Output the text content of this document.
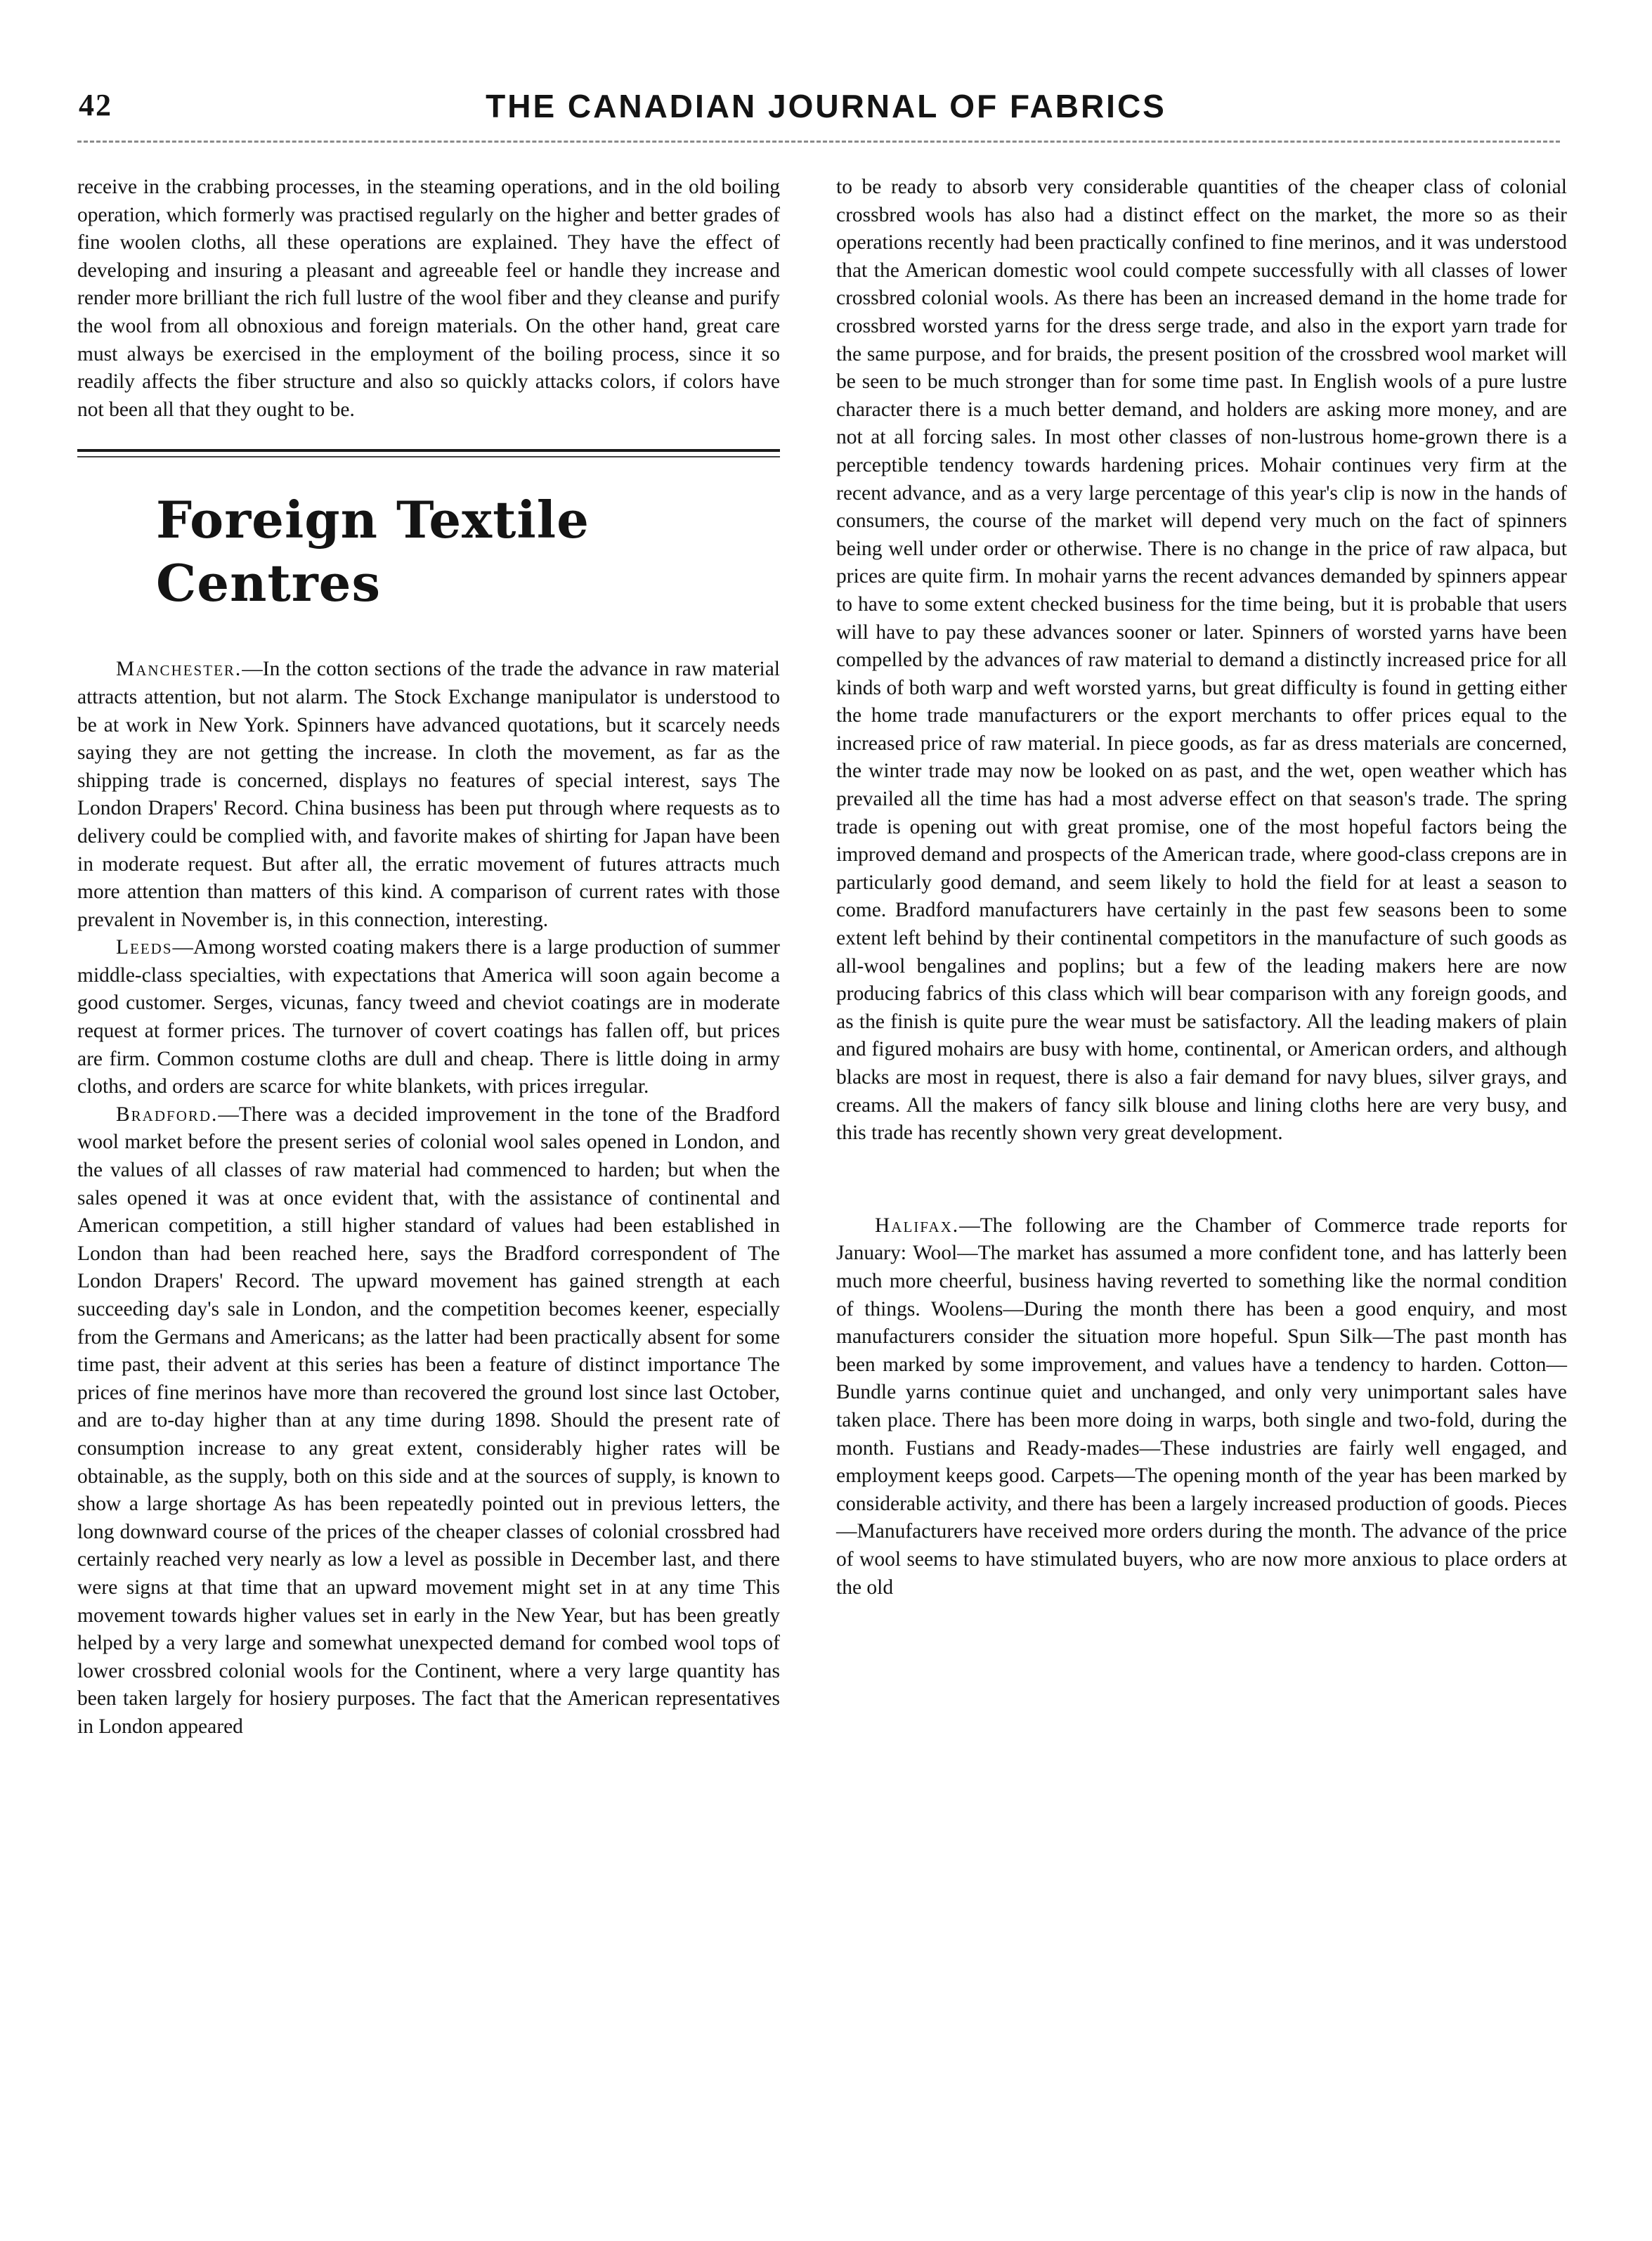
42	THE CANADIAN JOURNAL OF FABRICS

receive in the crabbing processes, in the steaming operations, and in the old boiling operation, which formerly was practised regularly on the higher and better grades of fine woolen cloths, all these operations are explained. They have the effect of developing and insuring a pleasant and agreeable feel or handle they increase and render more brilliant the rich full lustre of the wool fiber and they cleanse and purify the wool from all obnoxious and foreign materials. On the other hand, great care must always be exercised in the employment of the boiling process, since it so readily affects the fiber structure and also so quickly attacks colors, if colors have not been all that they ought to be.

Foreign Textile Centres

Manchester.—In the cotton sections of the trade the advance in raw material attracts attention, but not alarm. The Stock Exchange manipulator is understood to be at work in New York. Spinners have advanced quotations, but it scarcely needs saying they are not getting the increase. In cloth the movement, as far as the shipping trade is concerned, displays no features of special interest, says The London Drapers' Record. China business has been put through where requests as to delivery could be complied with, and favorite makes of shirting for Japan have been in moderate request. But after all, the erratic movement of futures attracts much more attention than matters of this kind. A comparison of current rates with those prevalent in November is, in this connection, interesting.

Leeds—Among worsted coating makers there is a large production of summer middle-class specialties, with expectations that America will soon again become a good customer. Serges, vicunas, fancy tweed and cheviot coatings are in moderate request at former prices. The turnover of covert coatings has fallen off, but prices are firm. Common costume cloths are dull and cheap. There is little doing in army cloths, and orders are scarce for white blankets, with prices irregular.

Bradford.—There was a decided improvement in the tone of the Bradford wool market before the present series of colonial wool sales opened in London, and the values of all classes of raw material had commenced to harden; but when the sales opened it was at once evident that, with the assistance of continental and American competition, a still higher standard of values had been established in London than had been reached here, says the Bradford correspondent of The London Drapers' Record. The upward movement has gained strength at each succeeding day's sale in London, and the competition becomes keener, especially from the Germans and Americans; as the latter had been practically absent for some time past, their advent at this series has been a feature of distinct importance The prices of fine merinos have more than recovered the ground lost since last October, and are to-day higher than at any time during 1898. Should the present rate of consumption increase to any great extent, considerably higher rates will be obtainable, as the supply, both on this side and at the sources of supply, is known to show a large shortage As has been repeatedly pointed out in previous letters, the long downward course of the prices of the cheaper classes of colonial crossbred had certainly reached very nearly as low a level as possible in December last, and there were signs at that time that an upward movement might set in at any time This movement towards higher values set in early in the New Year, but has been greatly helped by a very large and somewhat unexpected demand for combed wool tops of lower crossbred colonial wools for the Continent, where a very large quantity has been taken largely for hosiery purposes. The fact that the American representatives in London appeared

to be ready to absorb very considerable quantities of the cheaper class of colonial crossbred wools has also had a distinct effect on the market, the more so as their operations recently had been practically confined to fine merinos, and it was understood that the American domestic wool could compete successfully with all classes of lower crossbred colonial wools. As there has been an increased demand in the home trade for crossbred worsted yarns for the dress serge trade, and also in the export yarn trade for the same purpose, and for braids, the present position of the crossbred wool market will be seen to be much stronger than for some time past. In English wools of a pure lustre character there is a much better demand, and holders are asking more money, and are not at all forcing sales. In most other classes of non-lustrous home-grown there is a perceptible tendency towards hardening prices. Mohair continues very firm at the recent advance, and as a very large percentage of this year's clip is now in the hands of consumers, the course of the market will depend very much on the fact of spinners being well under order or otherwise. There is no change in the price of raw alpaca, but prices are quite firm. In mohair yarns the recent advances demanded by spinners appear to have to some extent checked business for the time being, but it is probable that users will have to pay these advances sooner or later. Spinners of worsted yarns have been compelled by the advances of raw material to demand a distinctly increased price for all kinds of both warp and weft worsted yarns, but great difficulty is found in getting either the home trade manufacturers or the export merchants to offer prices equal to the increased price of raw material. In piece goods, as far as dress materials are concerned, the winter trade may now be looked on as past, and the wet, open weather which has prevailed all the time has had a most adverse effect on that season's trade. The spring trade is opening out with great promise, one of the most hopeful factors being the improved demand and prospects of the American trade, where good-class crepons are in particularly good demand, and seem likely to hold the field for at least a season to come. Bradford manufacturers have certainly in the past few seasons been to some extent left behind by their continental competitors in the manufacture of such goods as all-wool bengalines and poplins; but a few of the leading makers here are now producing fabrics of this class which will bear comparison with any foreign goods, and as the finish is quite pure the wear must be satisfactory. All the leading makers of plain and figured mohairs are busy with home, continental, or American orders, and although blacks are most in request, there is also a fair demand for navy blues, silver grays, and creams. All the makers of fancy silk blouse and lining cloths here are very busy, and this trade has recently shown very great development.

Halifax.—The following are the Chamber of Commerce trade reports for January: Wool—The market has assumed a more confident tone, and has latterly been much more cheerful, business having reverted to something like the normal condition of things. Woolens—During the month there has been a good enquiry, and most manufacturers consider the situation more hopeful. Spun Silk—The past month has been marked by some improvement, and values have a tendency to harden. Cotton—Bundle yarns continue quiet and unchanged, and only very unimportant sales have taken place. There has been more doing in warps, both single and two-fold, during the month. Fustians and Ready-mades—These industries are fairly well engaged, and employment keeps good. Carpets—The opening month of the year has been marked by considerable activity, and there has been a largely increased production of goods. Pieces—Manufacturers have received more orders during the month. The advance of the price of wool seems to have stimulated buyers, who are now more anxious to place orders at the old
